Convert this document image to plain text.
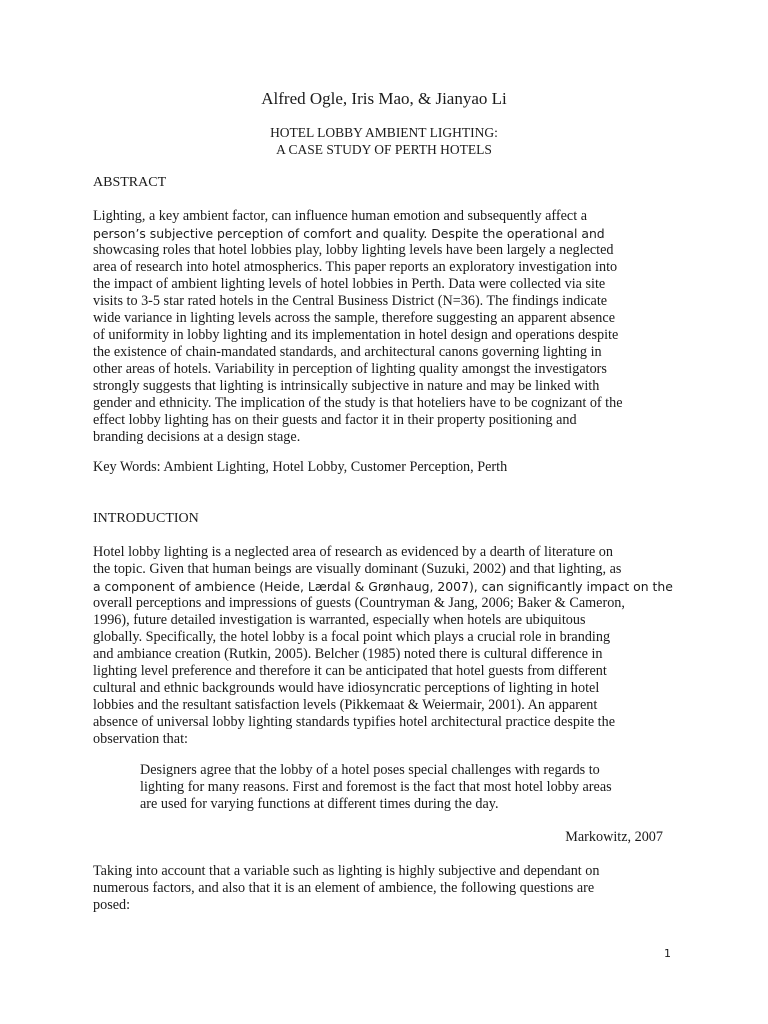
Alfred Ogle, Iris Mao, & Jianyao Li
HOTEL LOBBY AMBIENT LIGHTING:
A CASE STUDY OF PERTH HOTELS
ABSTRACT
Lighting, a key ambient factor, can influence human emotion and subsequently affect a
person’s subjective perception of comfort and quality. Despite the operational and
showcasing roles that hotel lobbies play, lobby lighting levels have been largely a neglected
area of research into hotel atmospherics. This paper reports an exploratory investigation into
the impact of ambient lighting levels of hotel lobbies in Perth. Data were collected via site
visits to 3-5 star rated hotels in the Central Business District (N=36). The findings indicate
wide variance in lighting levels across the sample, therefore suggesting an apparent absence
of uniformity in lobby lighting and its implementation in hotel design and operations despite
the existence of chain-mandated standards, and architectural canons governing lighting in
other areas of hotels. Variability in perception of lighting quality amongst the investigators
strongly suggests that lighting is intrinsically subjective in nature and may be linked with
gender and ethnicity. The implication of the study is that hoteliers have to be cognizant of the
effect lobby lighting has on their guests and factor it in their property positioning and
branding decisions at a design stage.
Key Words: Ambient Lighting, Hotel Lobby, Customer Perception, Perth
INTRODUCTION
Hotel lobby lighting is a neglected area of research as evidenced by a dearth of literature on
the topic. Given that human beings are visually dominant (Suzuki, 2002) and that lighting, as
a component of ambience (Heide, Lærdal & Grønhaug, 2007), can significantly impact on the
overall perceptions and impressions of guests (Countryman & Jang, 2006; Baker & Cameron,
1996), future detailed investigation is warranted, especially when hotels are ubiquitous
globally. Specifically, the hotel lobby is a focal point which plays a crucial role in branding
and ambiance creation (Rutkin, 2005). Belcher (1985) noted there is cultural difference in
lighting level preference and therefore it can be anticipated that hotel guests from different
cultural and ethnic backgrounds would have idiosyncratic perceptions of lighting in hotel
lobbies and the resultant satisfaction levels (Pikkemaat & Weiermair, 2001). An apparent
absence of universal lobby lighting standards typifies hotel architectural practice despite the
observation that:
Designers agree that the lobby of a hotel poses special challenges with regards to
lighting for many reasons. First and foremost is the fact that most hotel lobby areas
are used for varying functions at different times during the day.
Markowitz, 2007
Taking into account that a variable such as lighting is highly subjective and dependant on
numerous factors, and also that it is an element of ambience, the following questions are
posed:
1
